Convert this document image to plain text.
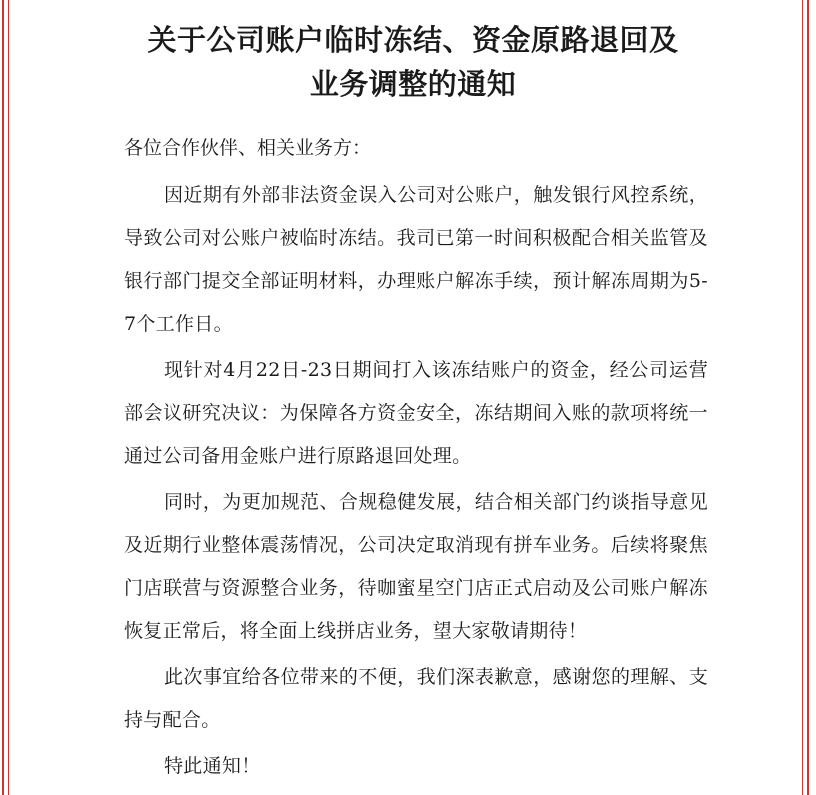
关于公司账户临时冻结、资金原路退回及
业务调整的通知

各位合作伙伴、相关业务方：

因近期有外部非法资金误入公司对公账户，触发银行风控系统，导致公司对公账户被临时冻结。我司已第一时间积极配合相关监管及银行部门提交全部证明材料，办理账户解冻手续，预计解冻周期为5-7个工作日。

现针对4月22日-23日期间打入该冻结账户的资金，经公司运营部会议研究决议：为保障各方资金安全，冻结期间入账的款项将统一通过公司备用金账户进行原路退回处理。

同时，为更加规范、合规稳健发展，结合相关部门约谈指导意见及近期行业整体震荡情况，公司决定取消现有拼车业务。后续将聚焦门店联营与资源整合业务，待咖蜜星空门店正式启动及公司账户解冻恢复正常后，将全面上线拼店业务，望大家敬请期待！

此次事宜给各位带来的不便，我们深表歉意，感谢您的理解、支持与配合。

特此通知！
